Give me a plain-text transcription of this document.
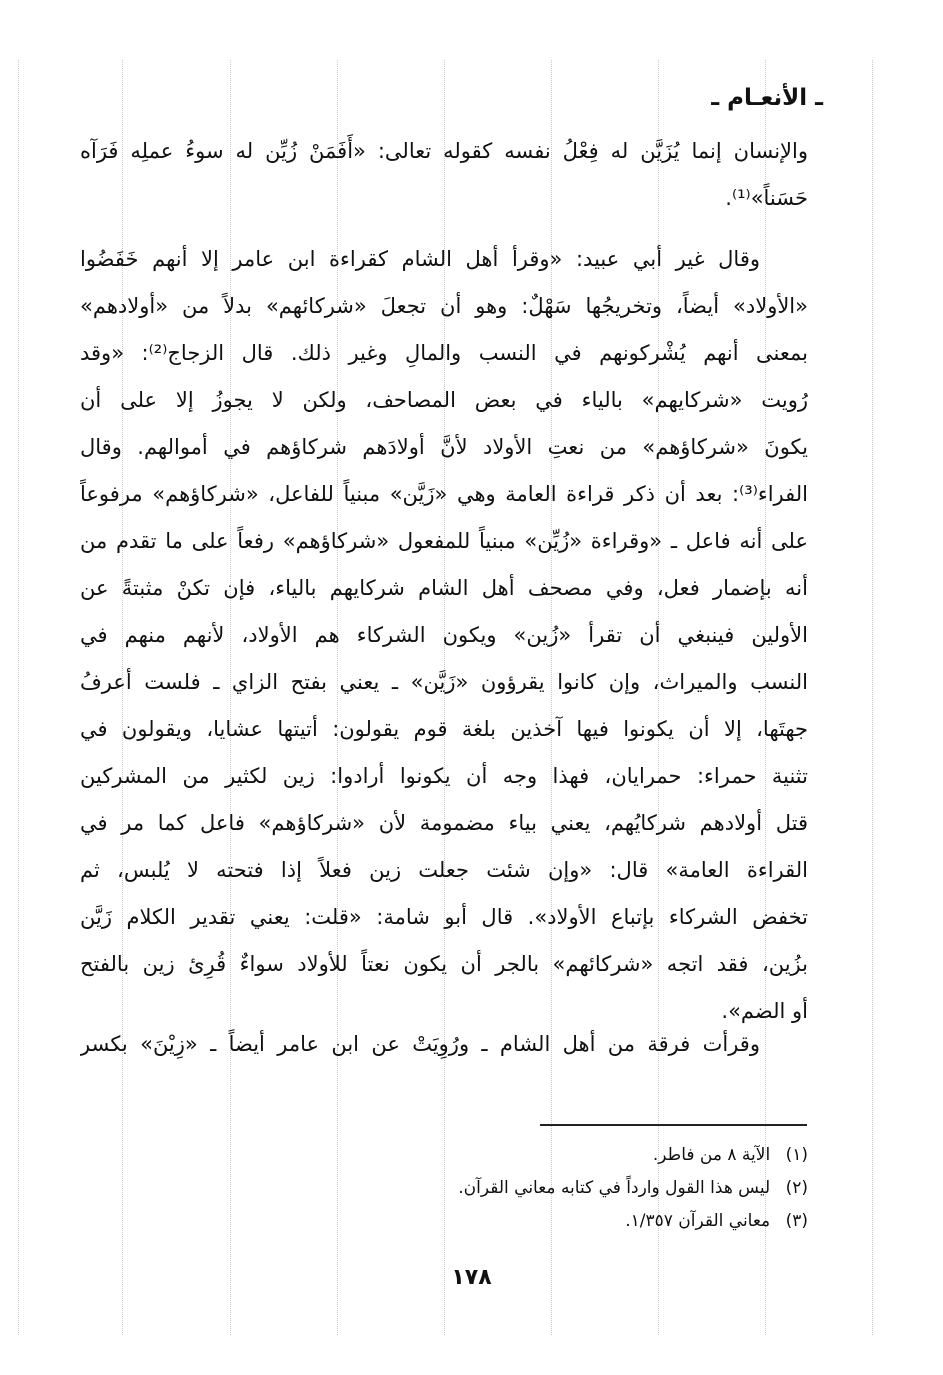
ـ الأنعـام ـ
والإنسان إنما يُزَيَّن له فِعْلُ نفسه كقوله تعالى: «أَفَمَنْ زُيِّن له سوءُ عملِه فَرَآه
حَسَناً»⁽¹⁾.
وقال غير أبي عبيد: «وقرأ أهل الشام كقراءة ابن عامر إلا أنهم خَفَضُوا
«الأولاد» أيضاً، وتخريجُها سَهْلٌ: وهو أن تجعلَ «شركائهم» بدلاً من «أولادهم»
بمعنى أنهم يُشْركونهم في النسب والمالِ وغير ذلك. قال الزجاج⁽²⁾: «وقد
رُويت «شركايهم» بالياء في بعض المصاحف، ولكن لا يجوزُ إلا على أن
يكونَ «شركاؤهم» من نعتِ الأولاد لأنَّ أولادَهم شركاؤهم في أموالهم. وقال
الفراء⁽³⁾: بعد أن ذكر قراءة العامة وهي «زَيَّن» مبنياً للفاعل، «شركاؤهم» مرفوعاً
على أنه فاعل ـ «وقراءة «زُيِّن» مبنياً للمفعول «شركاؤهم» رفعاً على ما تقدم من
أنه بإضمار فعل، وفي مصحف أهل الشام شركايهم بالياء، فإن تكنْ مثبتةً عن
الأولين فينبغي أن تقرأ «زُين» ويكون الشركاء هم الأولاد، لأنهم منهم في
النسب والميراث، وإن كانوا يقرؤون «زَيَّن» ـ يعني بفتح الزاي ـ فلست أعرفُ
جهتَها، إلا أن يكونوا فيها آخذين بلغة قوم يقولون: أتيتها عشايا، ويقولون في
تثنية حمراء: حمرايان، فهذا وجه أن يكونوا أرادوا: زين لكثير من المشركين
قتل أولادهم شركايُهم، يعني بياء مضمومة لأن «شركاؤهم» فاعل كما مر في
القراءة العامة» قال: «وإن شئت جعلت زين فعلاً إذا فتحته لا يُلبس، ثم
تخفض الشركاء بإتباع الأولاد». قال أبو شامة: «قلت: يعني تقدير الكلام زَيَّن
بزُين، فقد اتجه «شركائهم» بالجر أن يكون نعتاً للأولاد سواءٌ قُرِئ زين بالفتح
أو الضم».
وقرأت فرقة من أهل الشام ـ ورُوِيَتْ عن ابن عامر أيضاً ـ «زِيْنَ» بكسر
(١) الآية ٨ من فاطر.
(٢) ليس هذا القول وارداً في كتابه معاني القرآن.
(٣) معاني القرآن ١/٣٥٧.
١٧٨
